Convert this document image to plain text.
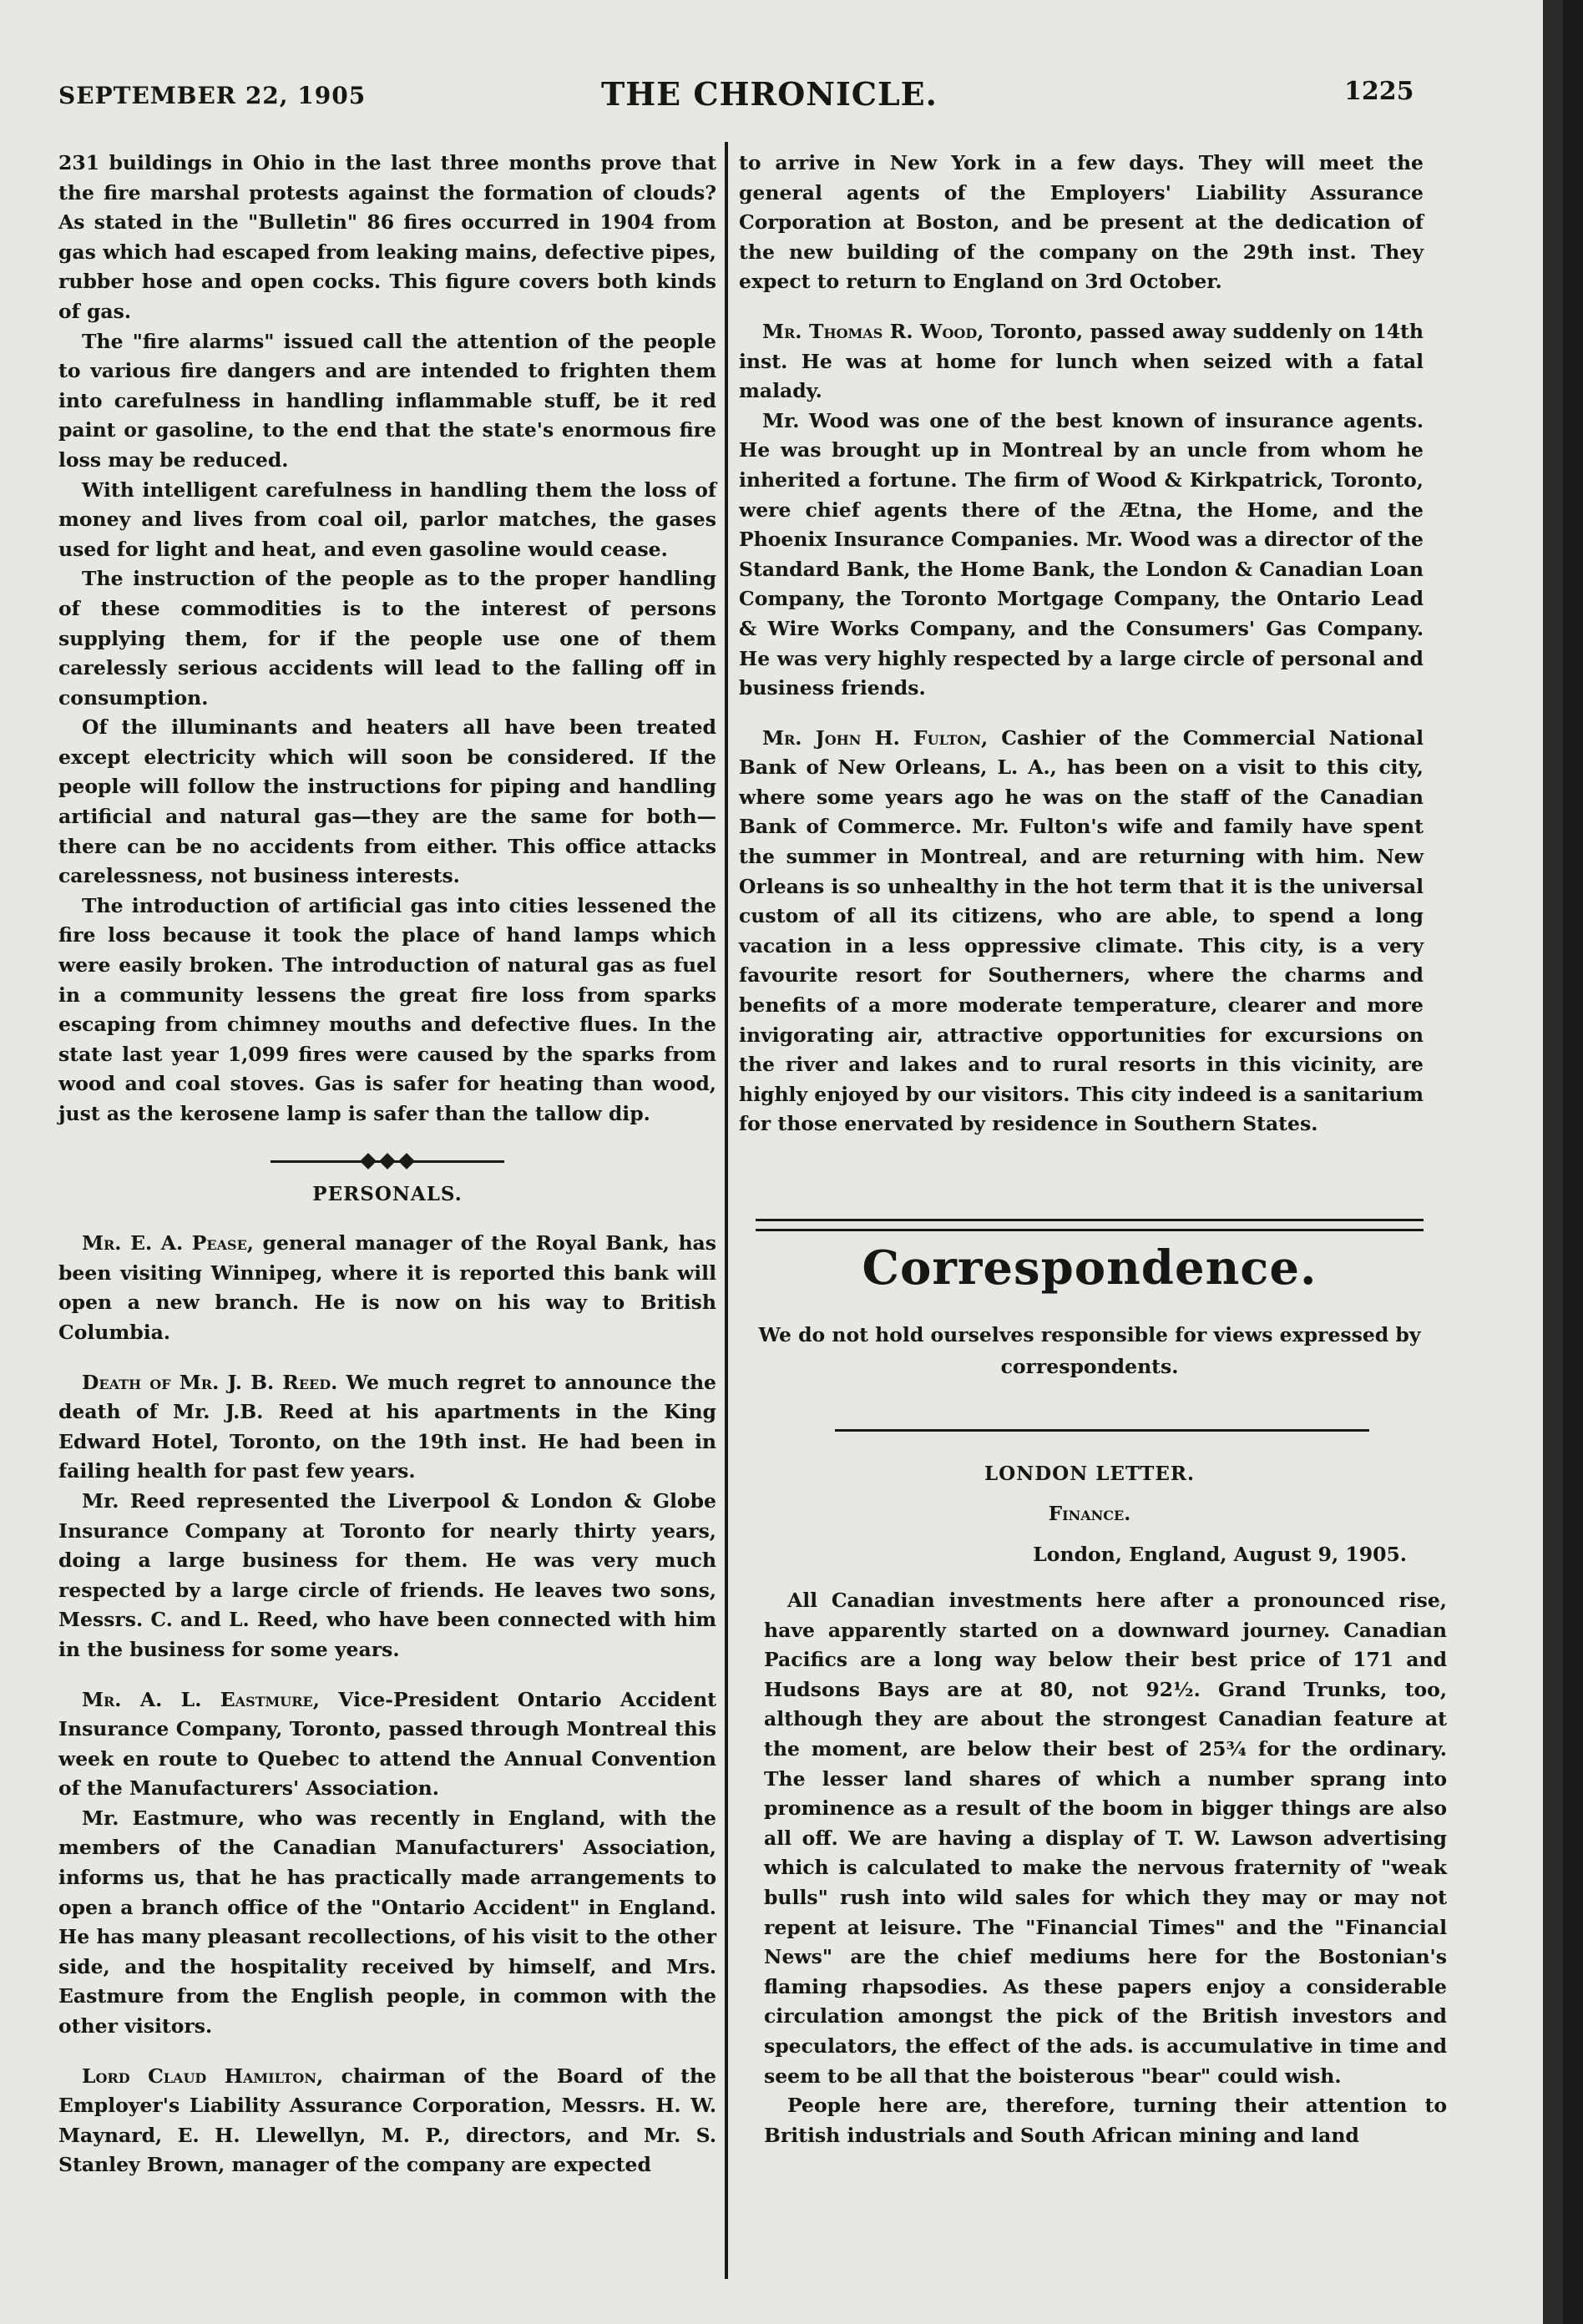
SEPTEMBER 22, 1905	THE CHRONICLE.	1225

231 buildings in Ohio in the last three months prove that the fire marshal protests against the formation of clouds? As stated in the "Bulletin" 86 fires occurred in 1904 from gas which had escaped from leaking mains, defective pipes, rubber hose and open cocks. This figure covers both kinds of gas.

The "fire alarms" issued call the attention of the people to various fire dangers and are intended to frighten them into carefulness in handling inflammable stuff, be it red paint or gasoline, to the end that the state's enormous fire loss may be reduced.

With intelligent carefulness in handling them the loss of money and lives from coal oil, parlor matches, the gases used for light and heat, and even gasoline would cease.

The instruction of the people as to the proper handling of these commodities is to the interest of persons supplying them, for if the people use one of them carelessly serious accidents will lead to the falling off in consumption.

Of the illuminants and heaters all have been treated except electricity which will soon be considered. If the people will follow the instructions for piping and handling artificial and natural gas—they are the same for both—there can be no accidents from either. This office attacks carelessness, not business interests.

The introduction of artificial gas into cities lessened the fire loss because it took the place of hand lamps which were easily broken. The introduction of natural gas as fuel in a community lessens the great fire loss from sparks escaping from chimney mouths and defective flues. In the state last year 1,099 fires were caused by the sparks from wood and coal stoves. Gas is safer for heating than wood, just as the kerosene lamp is safer than the tallow dip.

PERSONALS.

Mr. E. A. Pease, general manager of the Royal Bank, has been visiting Winnipeg, where it is reported this bank will open a new branch. He is now on his way to British Columbia.

Death of Mr. J. B. Reed. We much regret to announce the death of Mr. J.B. Reed at his apartments in the King Edward Hotel, Toronto, on the 19th inst. He had been in failing health for past few years.

Mr. Reed represented the Liverpool & London & Globe Insurance Company at Toronto for nearly thirty years, doing a large business for them. He was very much respected by a large circle of friends. He leaves two sons, Messrs. C. and L. Reed, who have been connected with him in the business for some years.

Mr. A. L. Eastmure, Vice-President Ontario Accident Insurance Company, Toronto, passed through Montreal this week en route to Quebec to attend the Annual Convention of the Manufacturers' Association.

Mr. Eastmure, who was recently in England, with the members of the Canadian Manufacturers' Association, informs us, that he has practically made arrangements to open a branch office of the "Ontario Accident" in England. He has many pleasant recollections, of his visit to the other side, and the hospitality received by himself, and Mrs. Eastmure from the English people, in common with the other visitors.

Lord Claud Hamilton, chairman of the Board of the Employer's Liability Assurance Corporation, Messrs. H. W. Maynard, E. H. Llewellyn, M. P., directors, and Mr. S. Stanley Brown, manager of the company are expected

to arrive in New York in a few days. They will meet the general agents of the Employers' Liability Assurance Corporation at Boston, and be present at the dedication of the new building of the company on the 29th inst. They expect to return to England on 3rd October.

Mr. Thomas R. Wood, Toronto, passed away suddenly on 14th inst. He was at home for lunch when seized with a fatal malady.

Mr. Wood was one of the best known of insurance agents. He was brought up in Montreal by an uncle from whom he inherited a fortune. The firm of Wood & Kirkpatrick, Toronto, were chief agents there of the Ætna, the Home, and the Phoenix Insurance Companies. Mr. Wood was a director of the Standard Bank, the Home Bank, the London & Canadian Loan Company, the Toronto Mortgage Company, the Ontario Lead & Wire Works Company, and the Consumers' Gas Company. He was very highly respected by a large circle of personal and business friends.

Mr. John H. Fulton, Cashier of the Commercial National Bank of New Orleans, L. A., has been on a visit to this city, where some years ago he was on the staff of the Canadian Bank of Commerce. Mr. Fulton's wife and family have spent the summer in Montreal, and are returning with him. New Orleans is so unhealthy in the hot term that it is the universal custom of all its citizens, who are able, to spend a long vacation in a less oppressive climate. This city, is a very favourite resort for Southerners, where the charms and benefits of a more moderate temperature, clearer and more invigorating air, attractive opportunities for excursions on the river and lakes and to rural resorts in this vicinity, are highly enjoyed by our visitors. This city indeed is a sanitarium for those enervated by residence in Southern States.

Correspondence.
We do not hold ourselves responsible for views expressed by correspondents.
LONDON LETTER.
Finance.
London, England, August 9, 1905.

All Canadian investments here after a pronounced rise, have apparently started on a downward journey. Canadian Pacifics are a long way below their best price of 171 and Hudsons Bays are at 80, not 92½. Grand Trunks, too, although they are about the strongest Canadian feature at the moment, are below their best of 25¾ for the ordinary. The lesser land shares of which a number sprang into prominence as a result of the boom in bigger things are also all off. We are having a display of T. W. Lawson advertising which is calculated to make the nervous fraternity of "weak bulls" rush into wild sales for which they may or may not repent at leisure. The "Financial Times" and the "Financial News" are the chief mediums here for the Bostonian's flaming rhapsodies. As these papers enjoy a considerable circulation amongst the pick of the British investors and speculators, the effect of the ads. is accumulative in time and seem to be all that the boisterous "bear" could wish.

People here are, therefore, turning their attention to British industrials and South African mining and land
